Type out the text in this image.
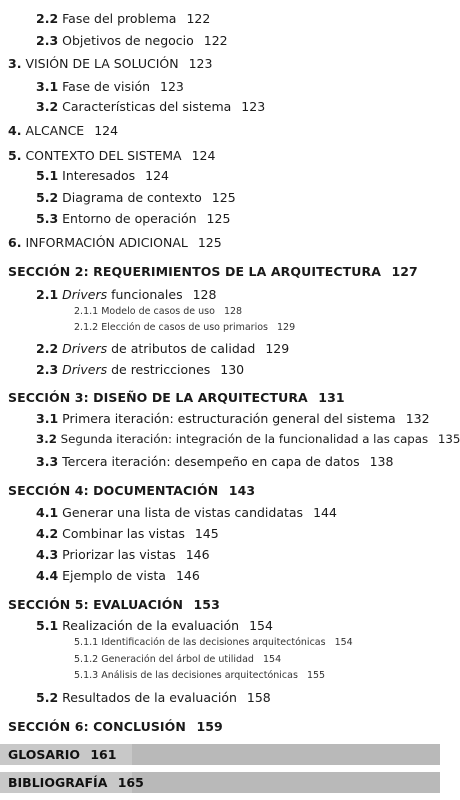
2.2 Fase del problema 122
2.3 Objetivos de negocio 122
3. VISIÓN DE LA SOLUCIÓN 123
3.1 Fase de visión 123
3.2 Características del sistema 123
4. ALCANCE 124
5. CONTEXTO DEL SISTEMA 124
5.1 Interesados 124
5.2 Diagrama de contexto 125
5.3 Entorno de operación 125
6. INFORMACIÓN ADICIONAL 125
SECCIÓN 2: REQUERIMIENTOS DE LA ARQUITECTURA 127
2.1 Drivers funcionales 128
2.1.1 Modelo de casos de uso 128
2.1.2 Elección de casos de uso primarios 129
2.2 Drivers de atributos de calidad 129
2.3 Drivers de restricciones 130
SECCIÓN 3: DISEÑO DE LA ARQUITECTURA 131
3.1 Primera iteración: estructuración general del sistema 132
3.2 Segunda iteración: integración de la funcionalidad a las capas 135
3.3 Tercera iteración: desempeño en capa de datos 138
SECCIÓN 4: DOCUMENTACIÓN 143
4.1 Generar una lista de vistas candidatas 144
4.2 Combinar las vistas 145
4.3 Priorizar las vistas 146
4.4 Ejemplo de vista 146
SECCIÓN 5: EVALUACIÓN 153
5.1 Realización de la evaluación 154
5.1.1 Identificación de las decisiones arquitectónicas 154
5.1.2 Generación del árbol de utilidad 154
5.1.3 Análisis de las decisiones arquitectónicas 155
5.2 Resultados de la evaluación 158
SECCIÓN 6: CONCLUSIÓN 159
GLOSARIO 161
BIBLIOGRAFÍA 165
